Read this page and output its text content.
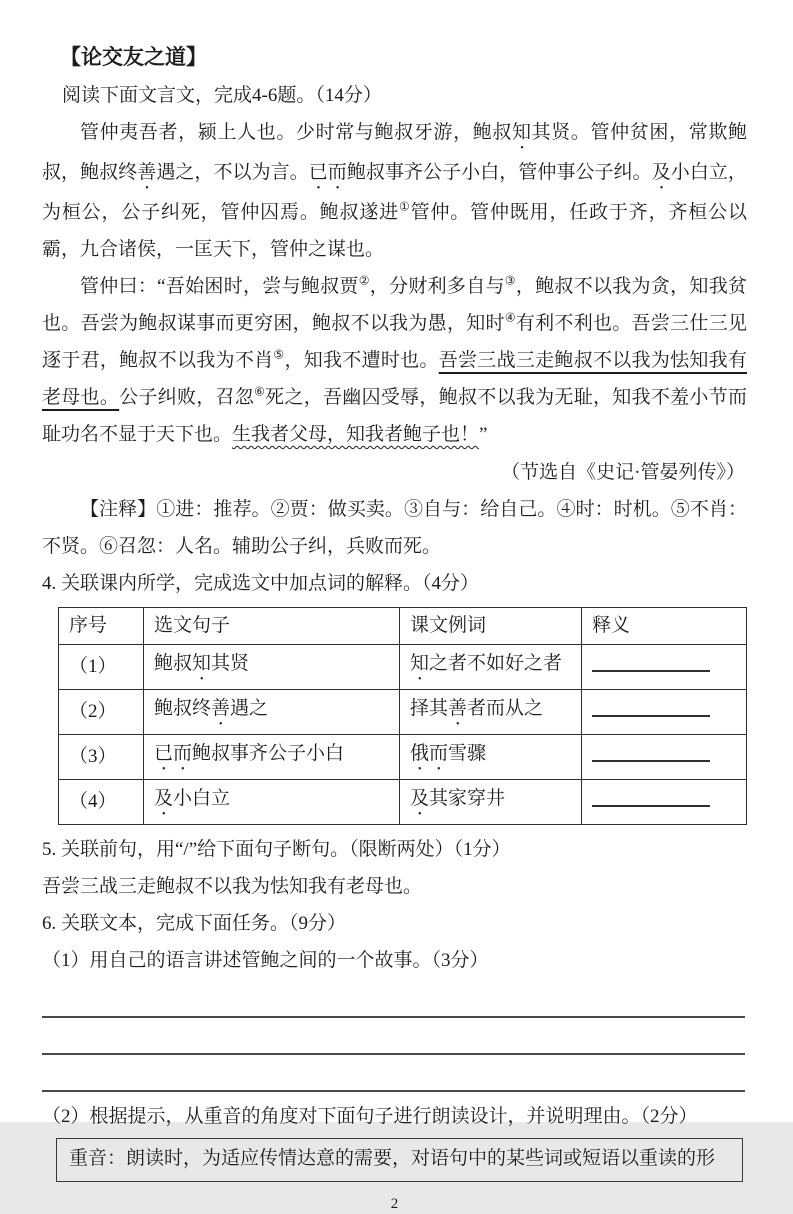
【论交友之道】
阅读下面文言文，完成4-6题。（14分）

管仲夷吾者，颍上人也。少时常与鲍叔牙游，鲍叔知其贤。管仲贫困，常欺鲍叔，鲍叔终善遇之，不以为言。已而鲍叔事齐公子小白，管仲事公子纠。及小白立，为桓公，公子纠死，管仲囚焉。鲍叔遂进①管仲。管仲既用，任政于齐，齐桓公以霸，九合诸侯，一匡天下，管仲之谋也。

管仲曰：“吾始困时，尝与鲍叔贾②，分财利多自与③，鲍叔不以我为贪，知我贫也。吾尝为鲍叔谋事而更穷困，鲍叔不以我为愚，知时④有利不利也。吾尝三仕三见逐于君，鲍叔不以我为不肖⑤，知我不遭时也。吾尝三战三走鲍叔不以我为怯知我有老母也。公子纠败，召忽⑥死之，吾幽囚受辱，鲍叔不以我为无耻，知我不羞小节而耻功名不显于天下也。生我者父母，知我者鲍子也！”

（节选自《史记·管晏列传》）

【注释】①进：推荐。②贾：做买卖。③自与：给自己。④时：时机。⑤不肖：不贤。⑥召忽：人名。辅助公子纠，兵败而死。

4. 关联课内所学，完成选文中加点词的解释。（4分）
序号	选文句子	课文例词	释义
（1）	鲍叔知其贤	知之者不如好之者	
（2）	鲍叔终善遇之	择其善者而从之	
（3）	已而鲍叔事齐公子小白	俄而雪骤	
（4）	及小白立	及其家穿井	
5. 关联前句，用“/”给下面句子断句。（限断两处）（1分）
吾尝三战三走鲍叔不以我为怯知我有老母也。
6. 关联文本，完成下面任务。（9分）
（1）用自己的语言讲述管鲍之间的一个故事。（3分）
（2）根据提示，从重音的角度对下面句子进行朗读设计，并说明理由。（2分）
重音：朗读时，为适应传情达意的需要，对语句中的某些词或短语以重读的形
2
